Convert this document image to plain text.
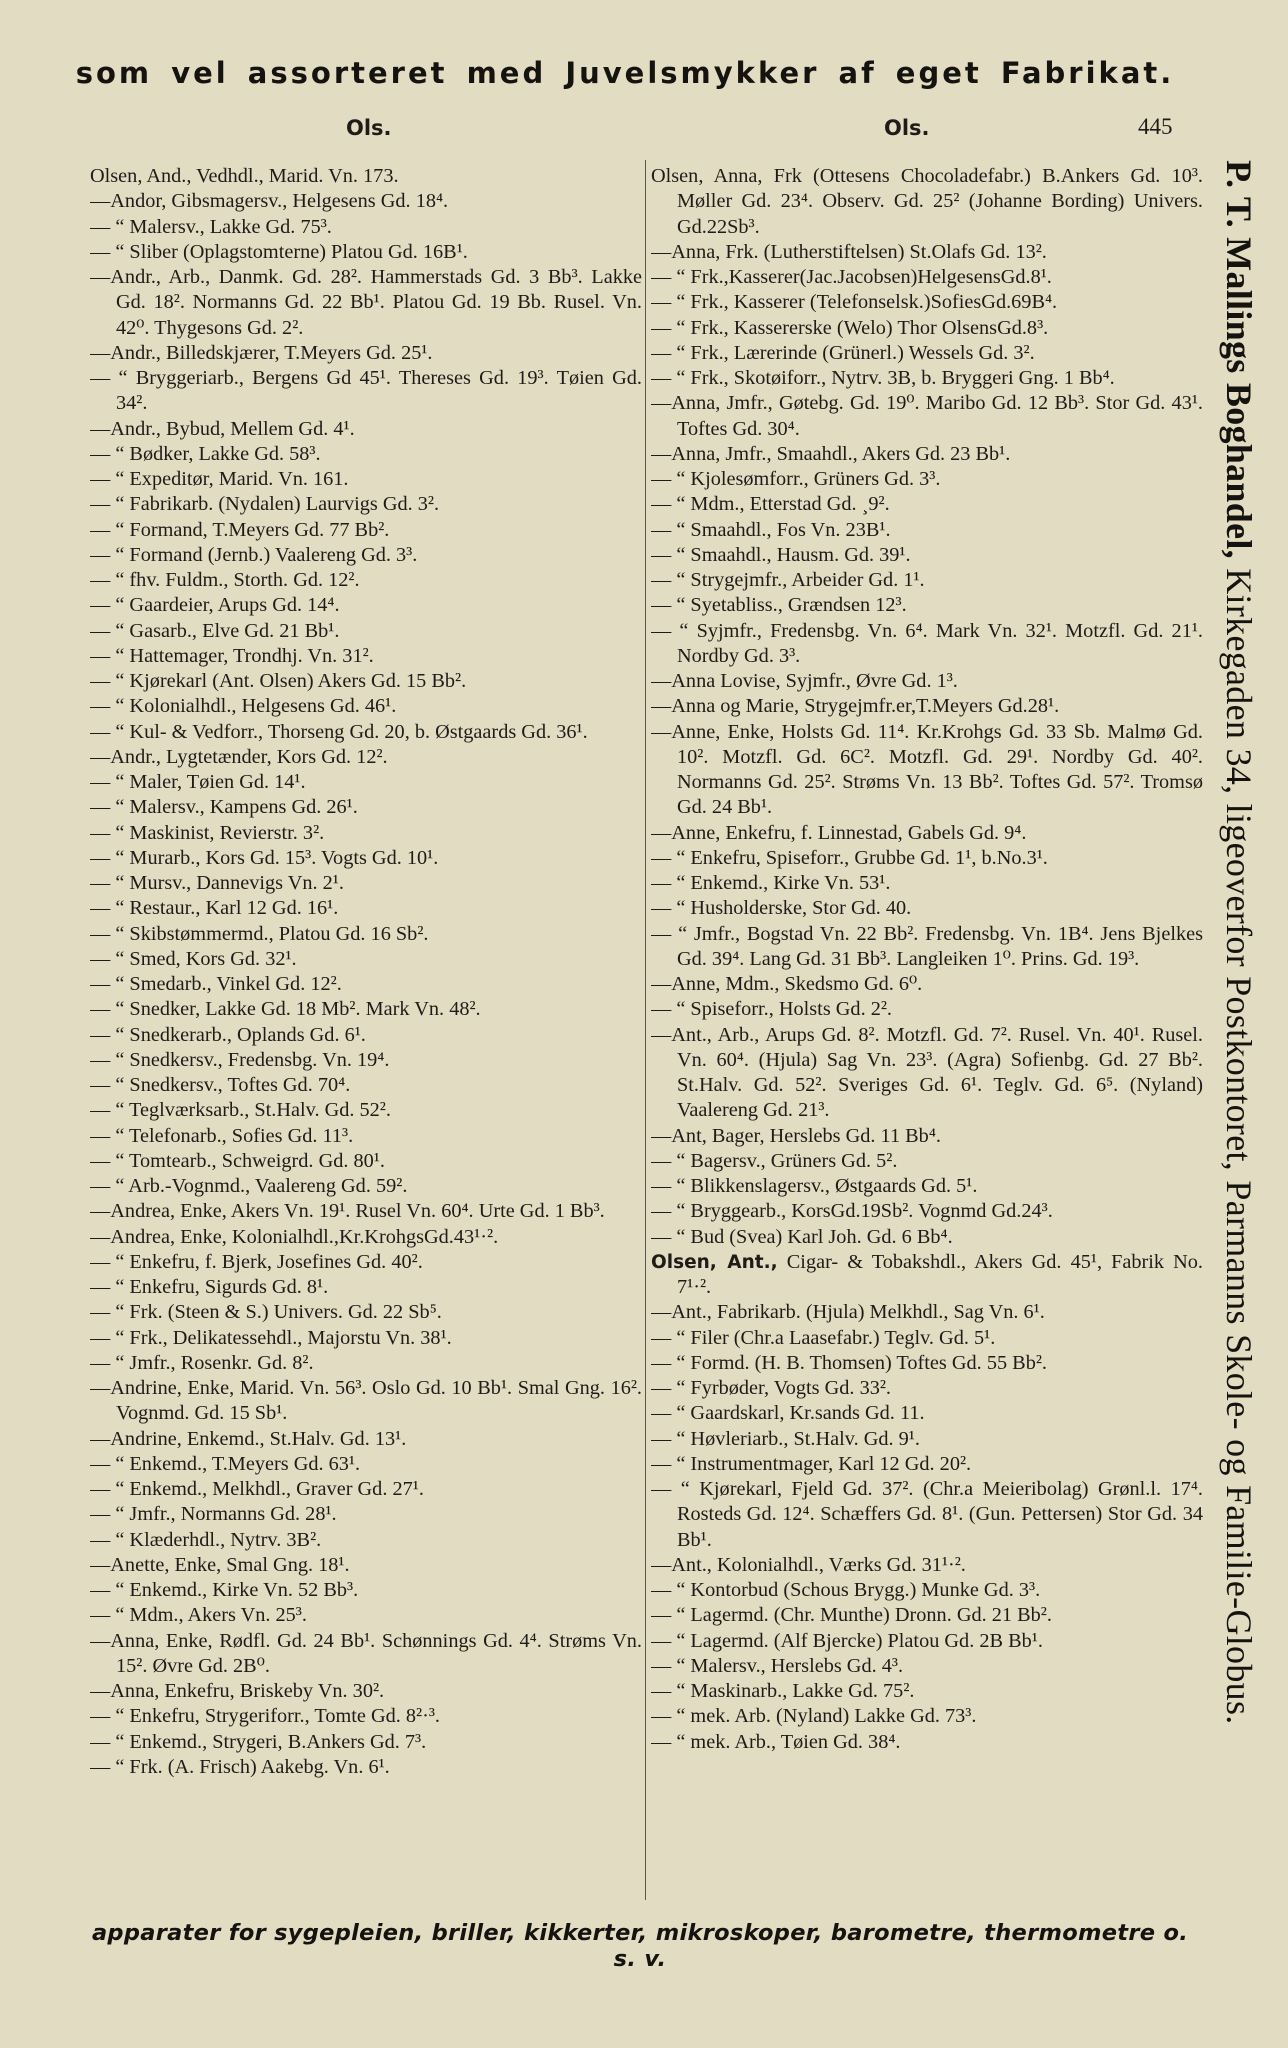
som vel assorteret med Juvelsmykker af eget Fabrikat.
Ols.	Ols.	445
Olsen, And., Vedhdl., Marid. Vn. 173.
—Andor, Gibsmagersv., Helgesens Gd. 18⁴.
— “ Malersv., Lakke Gd. 75³.
— “ Sliber (Oplagstomterne) Platou Gd. 16B¹.
—Andr., Arb., Danmk. Gd. 28². Hammerstads Gd. 3 Bb³. Lakke Gd. 18². Normanns Gd. 22 Bb¹. Platou Gd. 19 Bb. Rusel. Vn. 42⁰. Thygesons Gd. 2².
—Andr., Billedskjærer, T.Meyers Gd. 25¹.
— “ Bryggeriarb., Bergens Gd 45¹. Thereses Gd. 19³. Tøien Gd. 34².
—Andr., Bybud, Mellem Gd. 4¹.
— “ Bødker, Lakke Gd. 58³.
— “ Expeditør, Marid. Vn. 161.
— “ Fabrikarb. (Nydalen) Laurvigs Gd. 3².
— “ Formand, T.Meyers Gd. 77 Bb².
— “ Formand (Jernb.) Vaalereng Gd. 3³.
— “ fhv. Fuldm., Storth. Gd. 12².
— “ Gaardeier, Arups Gd. 14⁴.
— “ Gasarb., Elve Gd. 21 Bb¹.
— “ Hattemager, Trondhj. Vn. 31².
— “ Kjørekarl (Ant. Olsen) Akers Gd. 15 Bb².
— “ Kolonialhdl., Helgesens Gd. 46¹.
— “ Kul- & Vedforr., Thorseng Gd. 20, b. Østgaards Gd. 36¹.
—Andr., Lygtetænder, Kors Gd. 12².
— “ Maler, Tøien Gd. 14¹.
— “ Malersv., Kampens Gd. 26¹.
— “ Maskinist, Revierstr. 3².
— “ Murarb., Kors Gd. 15³. Vogts Gd. 10¹.
— “ Mursv., Dannevigs Vn. 2¹.
— “ Restaur., Karl 12 Gd. 16¹.
— “ Skibstømmermd., Platou Gd. 16 Sb².
— “ Smed, Kors Gd. 32¹.
— “ Smedarb., Vinkel Gd. 12².
— “ Snedker, Lakke Gd. 18 Mb². Mark Vn. 48².
— “ Snedkerarb., Oplands Gd. 6¹.
— “ Snedkersv., Fredensbg. Vn. 19⁴.
— “ Snedkersv., Toftes Gd. 70⁴.
— “ Teglværksarb., St.Halv. Gd. 52².
— “ Telefonarb., Sofies Gd. 11³.
— “ Tomtearb., Schweigrd. Gd. 80¹.
— “ Arb.-Vognmd., Vaalereng Gd. 59².
—Andrea, Enke, Akers Vn. 19¹. Rusel Vn. 60⁴. Urte Gd. 1 Bb³.
—Andrea, Enke, Kolonialhdl.,Kr.KrohgsGd.43¹·².
— “ Enkefru, f. Bjerk, Josefines Gd. 40².
— “ Enkefru, Sigurds Gd. 8¹.
— “ Frk. (Steen & S.) Univers. Gd. 22 Sb⁵.
— “ Frk., Delikatessehdl., Majorstu Vn. 38¹.
— “ Jmfr., Rosenkr. Gd. 8².
—Andrine, Enke, Marid. Vn. 56³. Oslo Gd. 10 Bb¹. Smal Gng. 16². Vognmd. Gd. 15 Sb¹.
—Andrine, Enkemd., St.Halv. Gd. 13¹.
— “ Enkemd., T.Meyers Gd. 63¹.
— “ Enkemd., Melkhdl., Graver Gd. 27¹.
— “ Jmfr., Normanns Gd. 28¹.
— “ Klæderhdl., Nytrv. 3B².
—Anette, Enke, Smal Gng. 18¹.
— “ Enkemd., Kirke Vn. 52 Bb³.
— “ Mdm., Akers Vn. 25³.
—Anna, Enke, Rødfl. Gd. 24 Bb¹. Schønnings Gd. 4⁴. Strøms Vn. 15². Øvre Gd. 2B⁰.
—Anna, Enkefru, Briskeby Vn. 30².
— “ Enkefru, Strygeriforr., Tomte Gd. 8²·³.
— “ Enkemd., Strygeri, B.Ankers Gd. 7³.
— “ Frk. (A. Frisch) Aakebg. Vn. 6¹.
Olsen, Anna, Frk (Ottesens Chocoladefabr.) B.Ankers Gd. 10³. Møller Gd. 23⁴. Observ. Gd. 25² (Johanne Bording) Univers. Gd.22Sb³.
—Anna, Frk. (Lutherstiftelsen) St.Olafs Gd. 13².
— “ Frk.,Kasserer(Jac.Jacobsen)HelgesensGd.8¹.
— “ Frk., Kasserer (Telefonselsk.)SofiesGd.69B⁴.
— “ Frk., Kassererske (Welo) Thor OlsensGd.8³.
— “ Frk., Lærerinde (Grünerl.) Wessels Gd. 3².
— “ Frk., Skotøiforr., Nytrv. 3B, b. Bryggeri Gng. 1 Bb⁴.
—Anna, Jmfr., Gøtebg. Gd. 19⁰. Maribo Gd. 12 Bb³. Stor Gd. 43¹. Toftes Gd. 30⁴.
—Anna, Jmfr., Smaahdl., Akers Gd. 23 Bb¹.
— “ Kjolesømforr., Grüners Gd. 3³.
— “ Mdm., Etterstad Gd. ¸9².
— “ Smaahdl., Fos Vn. 23B¹.
— “ Smaahdl., Hausm. Gd. 39¹.
— “ Strygejmfr., Arbeider Gd. 1¹.
— “ Syetabliss., Grændsen 12³.
— “ Syjmfr., Fredensbg. Vn. 6⁴. Mark Vn. 32¹. Motzfl. Gd. 21¹. Nordby Gd. 3³.
—Anna Lovise, Syjmfr., Øvre Gd. 1³.
—Anna og Marie, Strygejmfr.er,T.Meyers Gd.28¹.
—Anne, Enke, Holsts Gd. 11⁴. Kr.Krohgs Gd. 33 Sb. Malmø Gd. 10². Motzfl. Gd. 6C². Motzfl. Gd. 29¹. Nordby Gd. 40². Normanns Gd. 25². Strøms Vn. 13 Bb². Toftes Gd. 57². Tromsø Gd. 24 Bb¹.
—Anne, Enkefru, f. Linnestad, Gabels Gd. 9⁴.
— “ Enkefru, Spiseforr., Grubbe Gd. 1¹, b.No.3¹.
— “ Enkemd., Kirke Vn. 53¹.
— “ Husholderske, Stor Gd. 40.
— “ Jmfr., Bogstad Vn. 22 Bb². Fredensbg. Vn. 1B⁴. Jens Bjelkes Gd. 39⁴. Lang Gd. 31 Bb³. Langleiken 1⁰. Prins. Gd. 19³.
—Anne, Mdm., Skedsmo Gd. 6⁰.
— “ Spiseforr., Holsts Gd. 2².
—Ant., Arb., Arups Gd. 8². Motzfl. Gd. 7². Rusel. Vn. 40¹. Rusel. Vn. 60⁴. (Hjula) Sag Vn. 23³. (Agra) Sofienbg. Gd. 27 Bb². St.Halv. Gd. 52². Sveriges Gd. 6¹. Teglv. Gd. 6⁵. (Nyland) Vaalereng Gd. 21³.
—Ant, Bager, Herslebs Gd. 11 Bb⁴.
— “ Bagersv., Grüners Gd. 5².
— “ Blikkenslagersv., Østgaards Gd. 5¹.
— “ Bryggearb., KorsGd.19Sb². Vognmd Gd.24³.
— “ Bud (Svea) Karl Joh. Gd. 6 Bb⁴.
Olsen, Ant., Cigar- & Tobakshdl., Akers Gd. 45¹, Fabrik No. 7¹·².
—Ant., Fabrikarb. (Hjula) Melkhdl., Sag Vn. 6¹.
— “ Filer (Chr.a Laasefabr.) Teglv. Gd. 5¹.
— “ Formd. (H. B. Thomsen) Toftes Gd. 55 Bb².
— “ Fyrbøder, Vogts Gd. 33².
— “ Gaardskarl, Kr.sands Gd. 11.
— “ Høvleriarb., St.Halv. Gd. 9¹.
— “ Instrumentmager, Karl 12 Gd. 20².
— “ Kjørekarl, Fjeld Gd. 37². (Chr.a Meieribolag) Grønl.l. 17⁴. Rosteds Gd. 12⁴. Schæffers Gd. 8¹. (Gun. Pettersen) Stor Gd. 34 Bb¹.
—Ant., Kolonialhdl., Værks Gd. 31¹·².
— “ Kontorbud (Schous Brygg.) Munke Gd. 3³.
— “ Lagermd. (Chr. Munthe) Dronn. Gd. 21 Bb².
— “ Lagermd. (Alf Bjercke) Platou Gd. 2B Bb¹.
— “ Malersv., Herslebs Gd. 4³.
— “ Maskinarb., Lakke Gd. 75².
— “ mek. Arb. (Nyland) Lakke Gd. 73³.
— “ mek. Arb., Tøien Gd. 38⁴.
P. T. Mallings Boghandel, Kirkegaden 34, ligeoverfor Postkontoret, Parmanns Skole- og Familie-Globus.
apparater for sygepleien, briller, kikkerter, mikroskoper, barometre, thermometre o. s. v.
